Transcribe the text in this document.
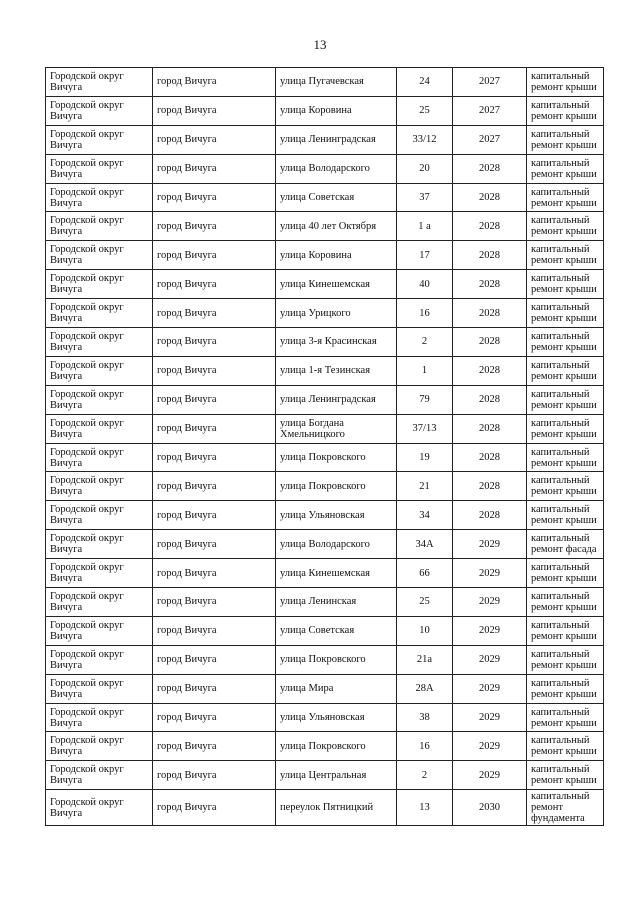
13
Городской округ Вичуга	город Вичуга	улица Пугачевская	24	2027	капитальный ремонт крыши
Городской округ Вичуга	город Вичуга	улица Коровина	25	2027	капитальный ремонт крыши
Городской округ Вичуга	город Вичуга	улица Ленинградская	33/12	2027	капитальный ремонт крыши
Городской округ Вичуга	город Вичуга	улица Володарского	20	2028	капитальный ремонт крыши
Городской округ Вичуга	город Вичуга	улица Советская	37	2028	капитальный ремонт крыши
Городской округ Вичуга	город Вичуга	улица 40 лет Октября	1 а	2028	капитальный ремонт крыши
Городской округ Вичуга	город Вичуга	улица Коровина	17	2028	капитальный ремонт крыши
Городской округ Вичуга	город Вичуга	улица Кинешемская	40	2028	капитальный ремонт крыши
Городской округ Вичуга	город Вичуга	улица Урицкого	16	2028	капитальный ремонт крыши
Городской округ Вичуга	город Вичуга	улица 3-я Красинская	2	2028	капитальный ремонт крыши
Городской округ Вичуга	город Вичуга	улица 1-я Тезинская	1	2028	капитальный ремонт крыши
Городской округ Вичуга	город Вичуга	улица Ленинградская	79	2028	капитальный ремонт крыши
Городской округ Вичуга	город Вичуга	улица Богдана Хмельницкого	37/13	2028	капитальный ремонт крыши
Городской округ Вичуга	город Вичуга	улица Покровского	19	2028	капитальный ремонт крыши
Городской округ Вичуга	город Вичуга	улица Покровского	21	2028	капитальный ремонт крыши
Городской округ Вичуга	город Вичуга	улица Ульяновская	34	2028	капитальный ремонт крыши
Городской округ Вичуга	город Вичуга	улица Володарского	34А	2029	капитальный ремонт фасада
Городской округ Вичуга	город Вичуга	улица Кинешемская	66	2029	капитальный ремонт крыши
Городской округ Вичуга	город Вичуга	улица Ленинская	25	2029	капитальный ремонт крыши
Городской округ Вичуга	город Вичуга	улица Советская	10	2029	капитальный ремонт крыши
Городской округ Вичуга	город Вичуга	улица Покровского	21а	2029	капитальный ремонт крыши
Городской округ Вичуга	город Вичуга	улица Мира	28А	2029	капитальный ремонт крыши
Городской округ Вичуга	город Вичуга	улица Ульяновская	38	2029	капитальный ремонт крыши
Городской округ Вичуга	город Вичуга	улица Покровского	16	2029	капитальный ремонт крыши
Городской округ Вичуга	город Вичуга	улица Центральная	2	2029	капитальный ремонт крыши
Городской округ Вичуга	город Вичуга	переулок Пятницкий	13	2030	капитальный ремонт фундамента
